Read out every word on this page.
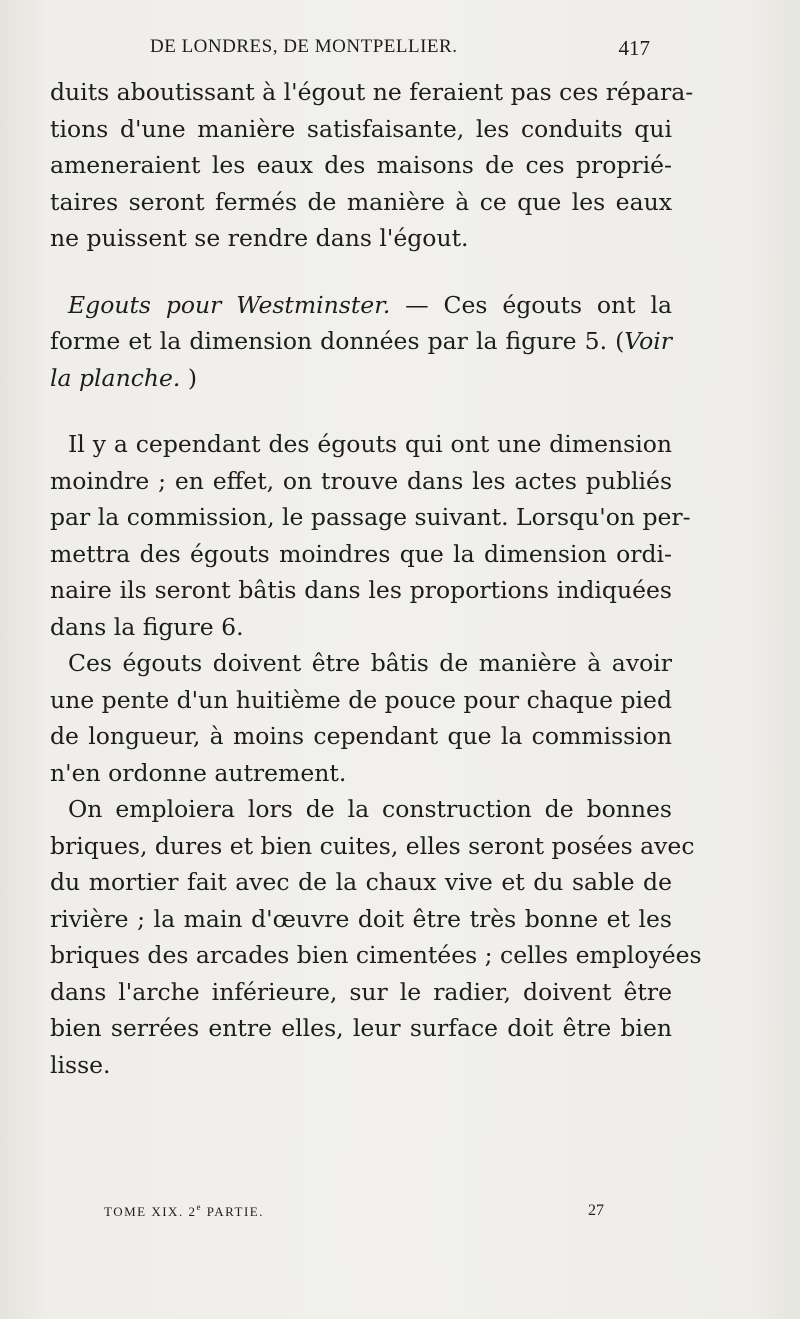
DE LONDRES, DE MONTPELLIER.	417
duits aboutissant à l'égout ne feraient pas ces répara-
tions d'une manière satisfaisante, les conduits qui
ameneraient les eaux des maisons de ces proprié-
taires seront fermés de manière à ce que les eaux
ne puissent se rendre dans l'égout.
Egouts pour Westminster. — Ces égouts ont la
forme et la dimension données par la figure 5. (Voir
la planche. )
Il y a cependant des égouts qui ont une dimension
moindre ; en effet, on trouve dans les actes publiés
par la commission, le passage suivant. Lorsqu'on per-
mettra des égouts moindres que la dimension ordi-
naire ils seront bâtis dans les proportions indiquées
dans la figure 6.
Ces égouts doivent être bâtis de manière à avoir
une pente d'un huitième de pouce pour chaque pied
de longueur, à moins cependant que la commission
n'en ordonne autrement.
On emploiera lors de la construction de bonnes
briques, dures et bien cuites, elles seront posées avec
du mortier fait avec de la chaux vive et du sable de
rivière ; la main d'œuvre doit être très bonne et les
briques des arcades bien cimentées ; celles employées
dans l'arche inférieure, sur le radier, doivent être
bien serrées entre elles, leur surface doit être bien
lisse.
TOME XIX. 2e PARTIE.	27
